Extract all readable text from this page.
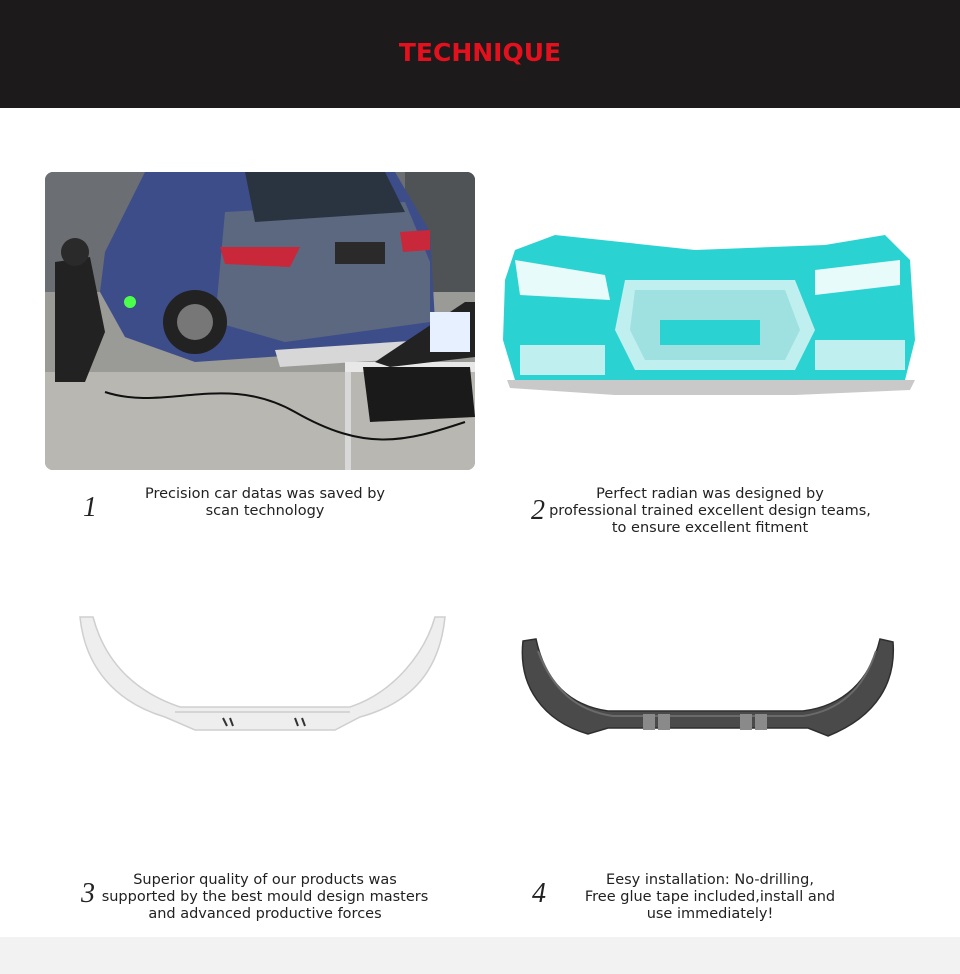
TECHNIQUE
1	Precision car datas was saved by
scan technology	2
Perfect radian was designed by
professional trained excellent design teams,
to ensure excellent fitment
3	Superior quality of our products was
supported by the best mould design masters
and advanced productive forces
4	Eesy installation: No-drilling,
Free glue tape included,install and
use immediately!
